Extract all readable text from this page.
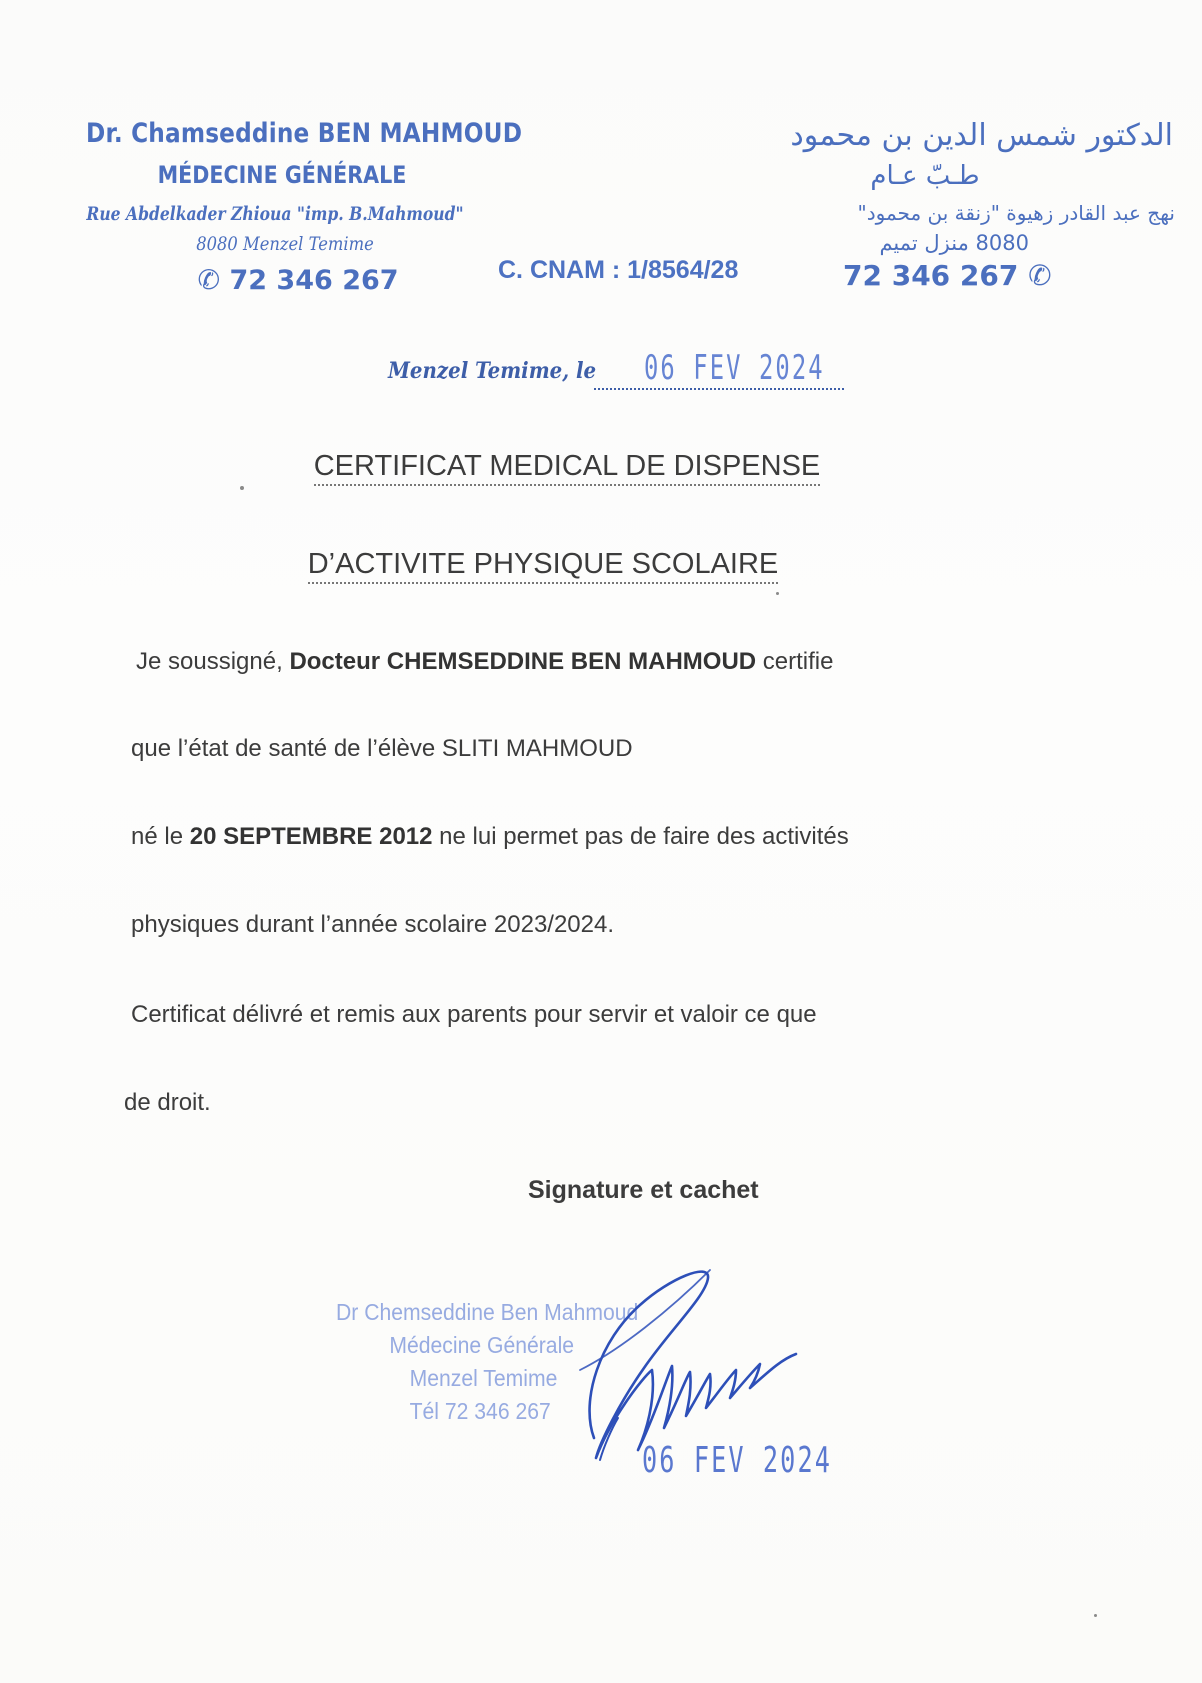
Dr. Chamseddine BEN MAHMOUD
MÉDECINE GÉNÉRALE
Rue Abdelkader Zhioua "imp. B.Mahmoud"
8080 Menzel Temime
✆ 72 346 267	C. CNAM : 1/8564/28
الدكتور شمس الدين بن محمود
طـبّ عـام
نهج عبد القادر زهيوة "زنقة بن محمود"
8080 منزل تميم
72 346 267 ✆
Menzel Temime, le 06 FEV 2024
CERTIFICAT MEDICAL DE DISPENSE
D’ACTIVITE PHYSIQUE SCOLAIRE
Je soussigné, Docteur CHEMSEDDINE BEN MAHMOUD certifie
que l’état de santé de l’élève SLITI MAHMOUD
né le 20 SEPTEMBRE 2012 ne lui permet pas de faire des activités
physiques durant l’année scolaire 2023/2024.
Certificat délivré et remis aux parents pour servir et valoir ce que
de droit.
Signature et cachet
Dr Chemseddine Ben Mahmoud
Médecine Générale
Menzel Temime
Tél 72 346 267
06 FEV 2024
